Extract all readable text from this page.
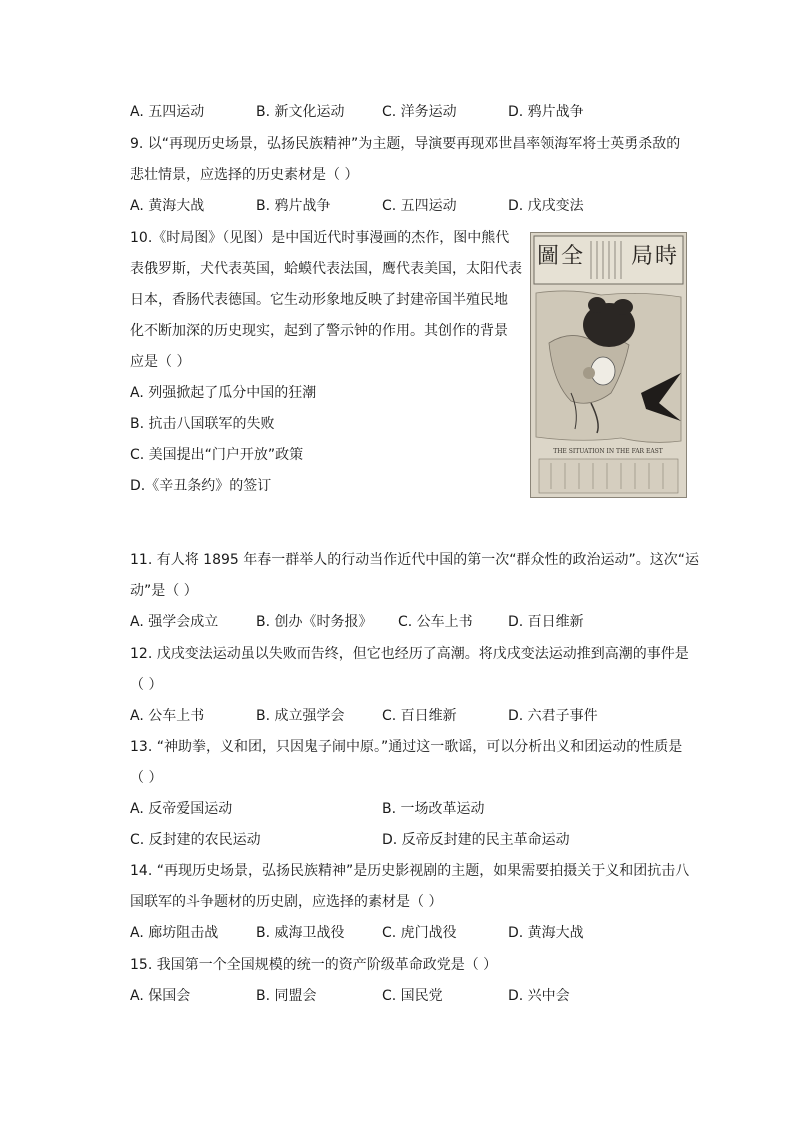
A. 五四运动	B. 新文化运动	C. 洋务运动	D. 鸦片战争
9. 以“再现历史场景，弘扬民族精神”为主题，导演要再现邓世昌率领海军将士英勇杀敌的
悲壮情景，应选择的历史素材是（ ）
A. 黄海大战	B. 鸦片战争	C. 五四运动	D. 戊戌变法
10.《时局图》（见图）是中国近代时事漫画的杰作，图中熊代
表俄罗斯，犬代表英国，蛤蟆代表法国，鹰代表美国，太阳代表
日本，香肠代表德国。它生动形象地反映了封建帝国半殖民地
化不断加深的历史现实，起到了警示钟的作用。其创作的背景
应是（ ）
A. 列强掀起了瓜分中国的狂潮
B. 抗击八国联军的失败
C. 美国提出“门户开放”政策
D.《辛丑条约》的签订
圖 全 局 時
THE SITUATION IN THE FAR EAST
11. 有人将 1895 年春一群举人的行动当作近代中国的第一次“群众性的政治运动”。这次“运
动”是（ ）
A. 强学会成立	B. 创办《时务报》 C. 公车上书	D. 百日维新
12. 戊戌变法运动虽以失败而告终，但它也经历了高潮。将戊戌变法运动推到高潮的事件是
（ ）
A. 公车上书	B. 成立强学会	C. 百日维新	D. 六君子事件
13. “神助拳，义和团，只因鬼子闹中原。”通过这一歌谣，可以分析出义和团运动的性质是
（ ）
A. 反帝爱国运动	B. 一场改革运动
C. 反封建的农民运动	D. 反帝反封建的民主革命运动
14. “再现历史场景，弘扬民族精神”是历史影视剧的主题，如果需要拍摄关于义和团抗击八
国联军的斗争题材的历史剧，应选择的素材是（ ）
A. 廊坊阻击战	B. 威海卫战役	C. 虎门战役	D. 黄海大战
15. 我国第一个全国规模的统一的资产阶级革命政党是（ ）
A. 保国会	B. 同盟会	C. 国民党	D. 兴中会
